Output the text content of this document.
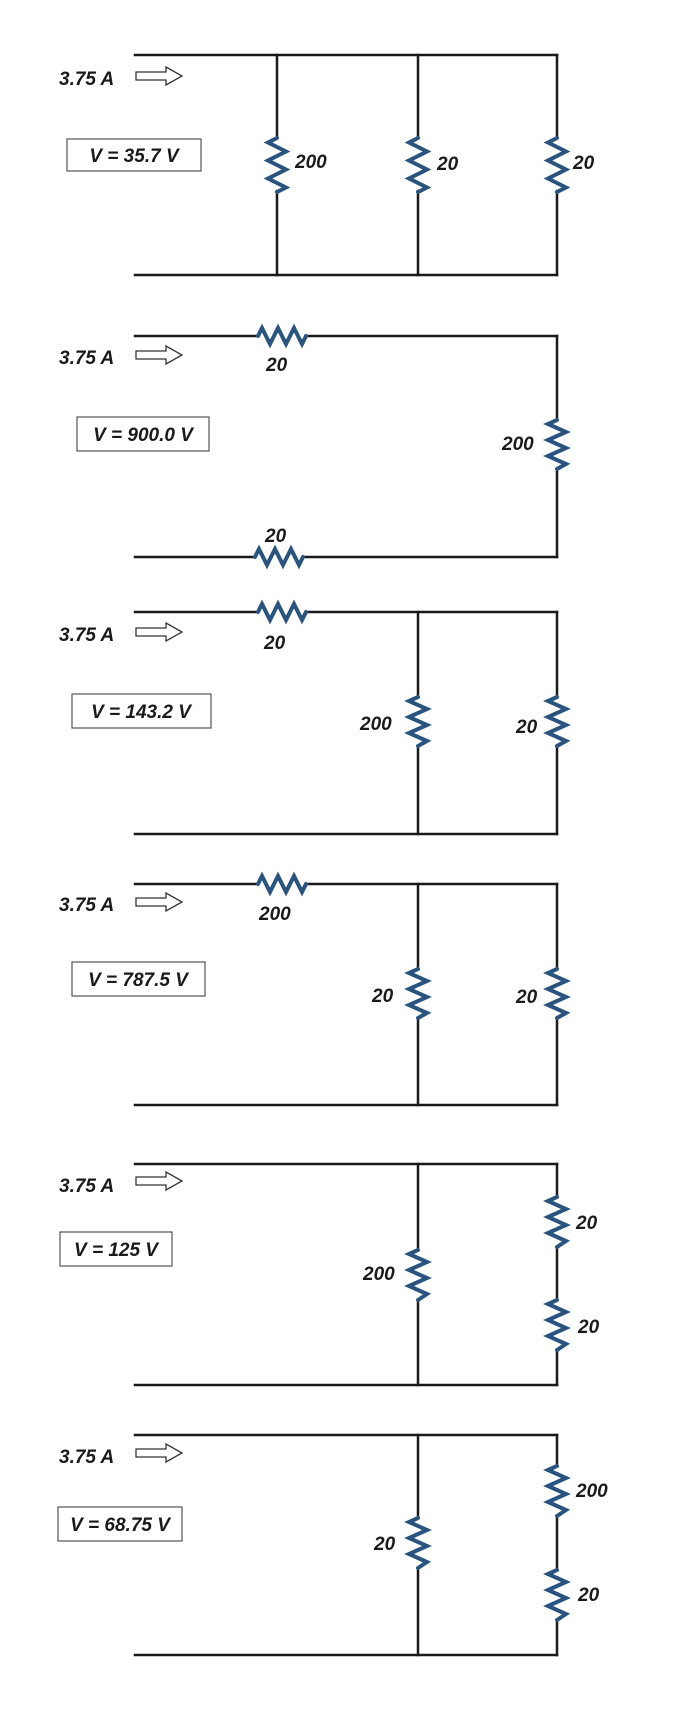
3.75 A
V = 35.7 V	200	20	20
3.75 A
V = 900.0 V
20
200
20
3.75 A
V = 143.2 V
20
200	20
3.75 A
V = 787.5 V
200
20	20
3.75 A
V = 125 V
200
20
20
3.75 A
V = 68.75 V
20
200
20
